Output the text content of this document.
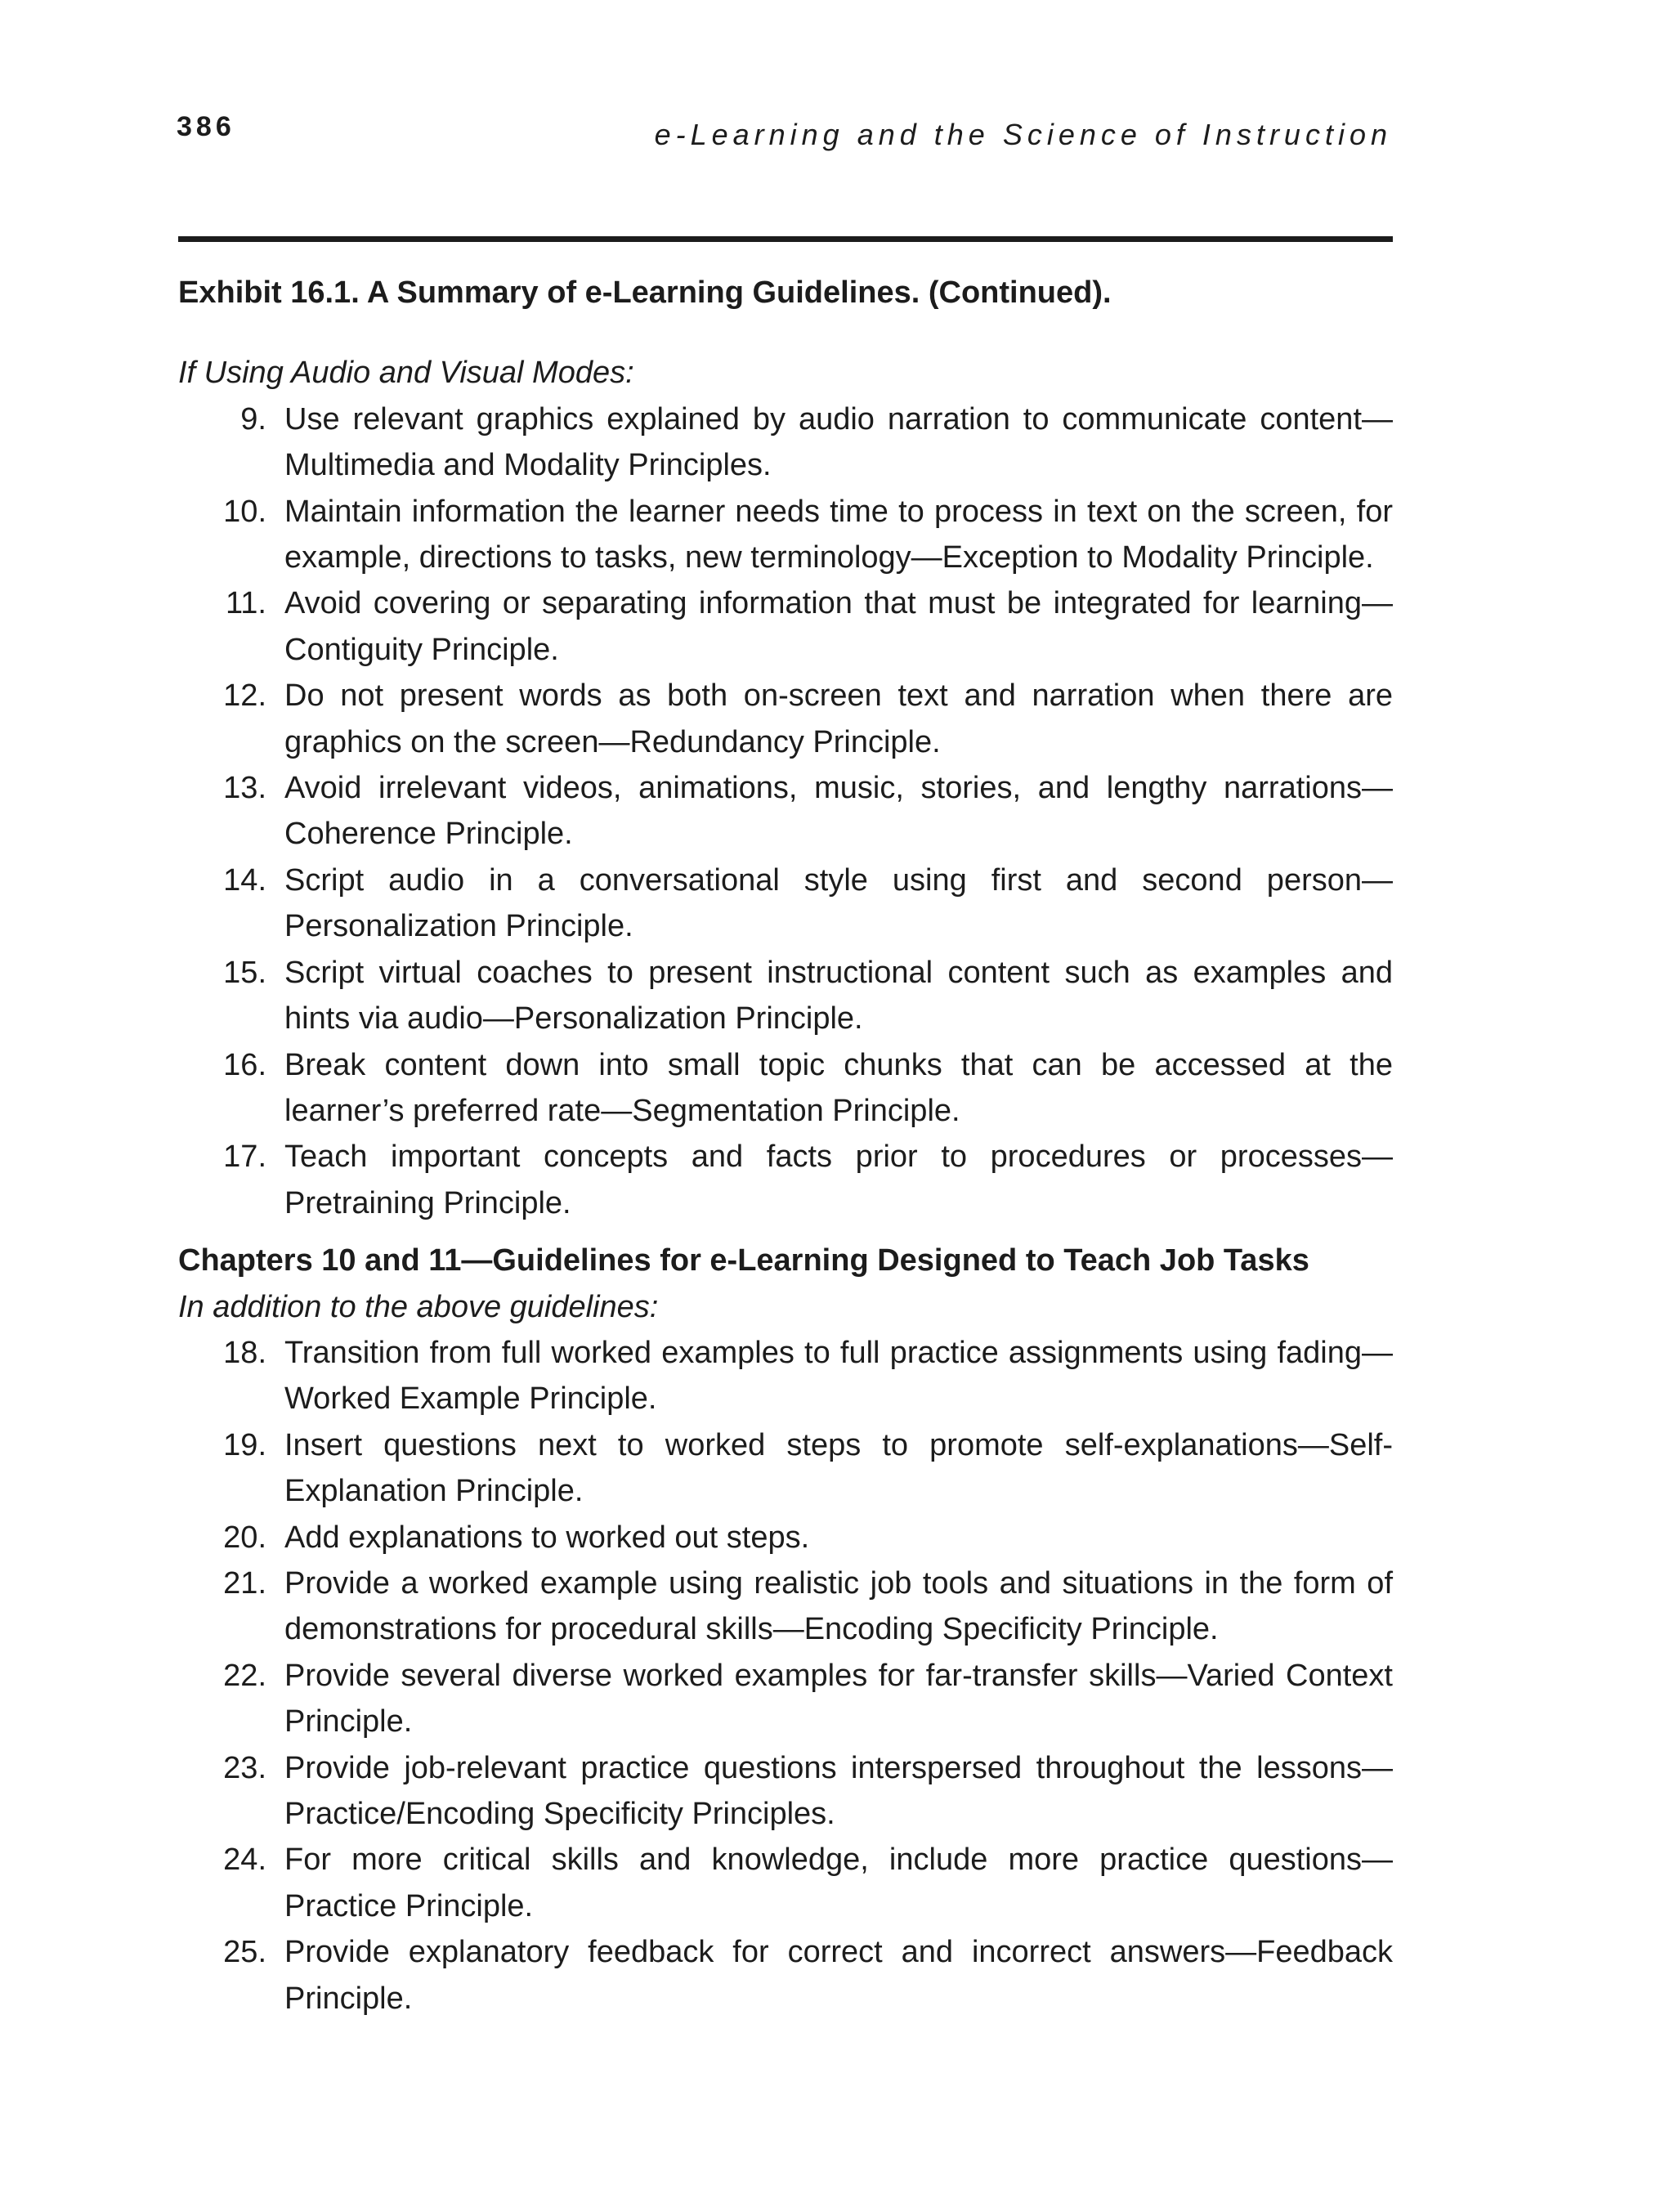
386	e-Learning and the Science of Instruction

Exhibit 16.1. A Summary of e-Learning Guidelines. (Continued).

If Using Audio and Visual Modes:

9. Use relevant graphics explained by audio narration to communicate content—Multimedia and Modality Principles.
10. Maintain information the learner needs time to process in text on the screen, for example, directions to tasks, new terminology—Exception to Modality Principle.
11. Avoid covering or separating information that must be integrated for learning—Contiguity Principle.
12. Do not present words as both on-screen text and narration when there are graphics on the screen—Redundancy Principle.
13. Avoid irrelevant videos, animations, music, stories, and lengthy narrations—Coherence Principle.
14. Script audio in a conversational style using first and second person—Personalization Principle.
15. Script virtual coaches to present instructional content such as examples and hints via audio—Personalization Principle.
16. Break content down into small topic chunks that can be accessed at the learner’s preferred rate—Segmentation Principle.
17. Teach important concepts and facts prior to procedures or processes—Pretraining Principle.

Chapters 10 and 11—Guidelines for e-Learning Designed to Teach Job Tasks

In addition to the above guidelines:

18. Transition from full worked examples to full practice assignments using fading—Worked Example Principle.
19. Insert questions next to worked steps to promote self-explanations—Self-Explanation Principle.
20. Add explanations to worked out steps.
21. Provide a worked example using realistic job tools and situations in the form of demonstrations for procedural skills—Encoding Specificity Principle.
22. Provide several diverse worked examples for far-transfer skills—Varied Context Principle.
23. Provide job-relevant practice questions interspersed throughout the lessons—Practice/Encoding Specificity Principles.
24. For more critical skills and knowledge, include more practice questions—Practice Principle.
25. Provide explanatory feedback for correct and incorrect answers—Feedback Principle.
